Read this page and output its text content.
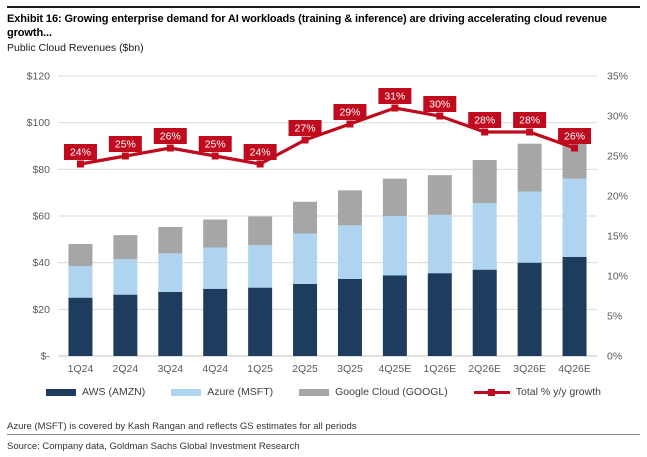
Exhibit 16: Growing enterprise demand for AI workloads (training & inference) are driving accelerating cloud revenue growth...
Public Cloud Revenues ($bn)
$120
$100
$80
$60
$40
$20
$-
35%
30%
25%
20%
15%
10%
5%
0%
1Q24 2Q24 3Q24 4Q24 1Q25 2Q25 3Q25 4Q25E 1Q26E 2Q26E 3Q26E 4Q26E
24%
25%
26%
25%
24%
27%
29%
31%
30%
28% 28%
26%
AWS (AMZN)	Azure (MSFT)	Google Cloud (GOOGL)	Total % y/y growth
Azure (MSFT) is covered by Kash Rangan and reflects GS estimates for all periods
Source: Company data, Goldman Sachs Global Investment Research
